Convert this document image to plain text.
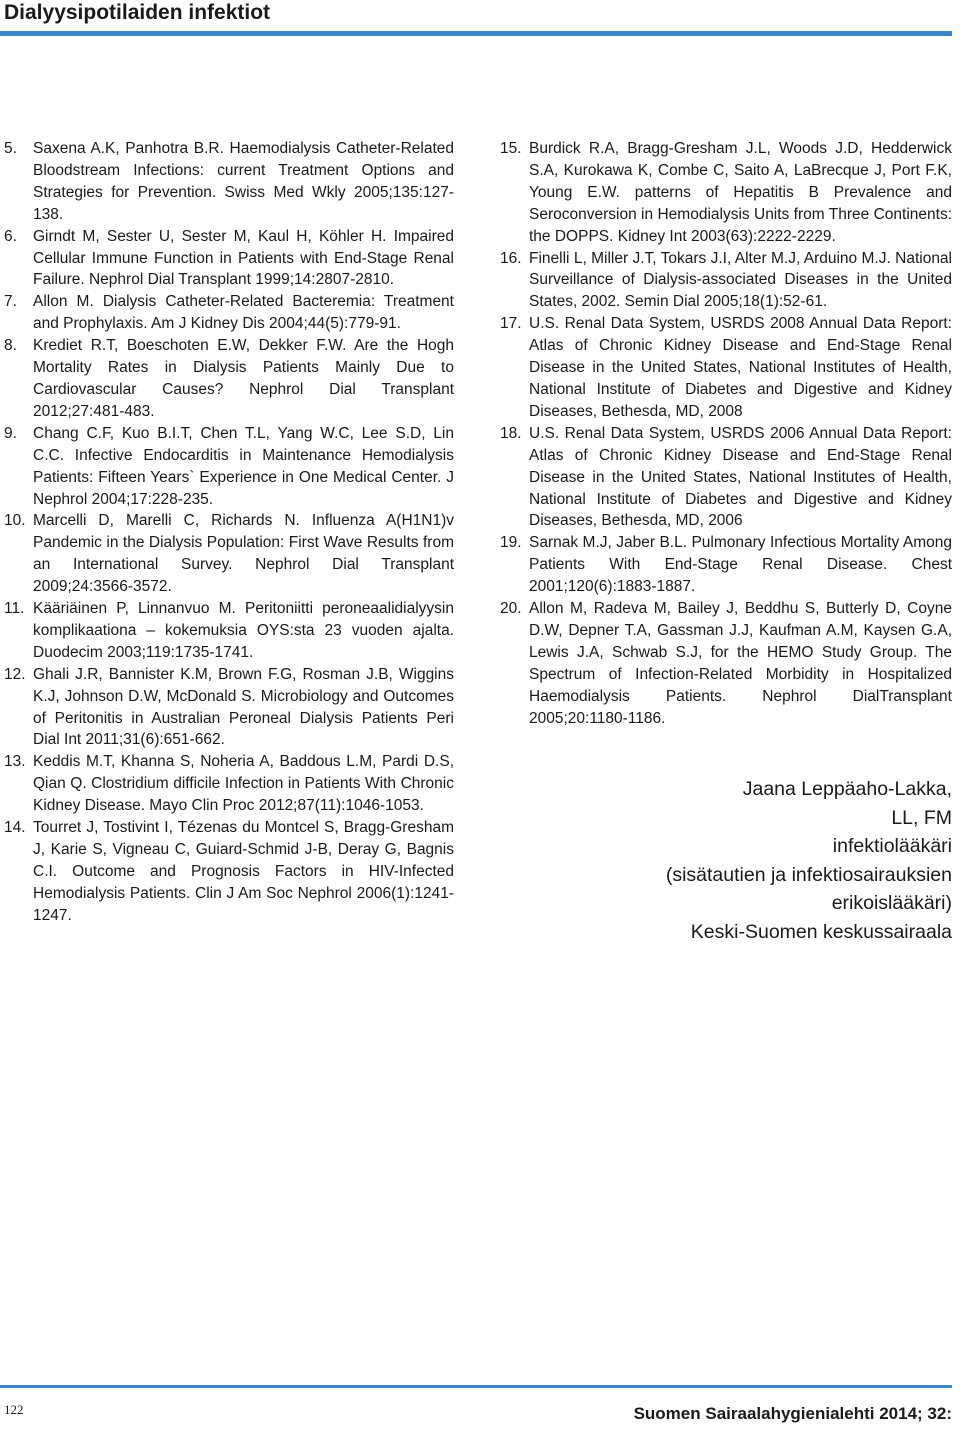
Dialyysipotilaiden infektiot
5.	Saxena A.K, Panhotra B.R. Haemodialysis Catheter-Related Bloodstream Infections: current Treatment Options and Strategies for Prevention. Swiss Med Wkly 2005;135:127-138.
6.	Girndt M, Sester U, Sester M, Kaul H, Köhler H. Impaired Cellular Immune Function in Patients with End-Stage Renal Failure. Nephrol Dial Transplant 1999;14:2807-2810.
7.	Allon M. Dialysis Catheter-Related Bacteremia: Treatment and Prophylaxis. Am J Kidney Dis 2004;44(5):779-91.
8.	Krediet R.T, Boeschoten E.W, Dekker F.W. Are the Hogh Mortality Rates in Dialysis Patients Mainly Due to Cardiovascular Causes? Nephrol Dial Transplant 2012;27:481-483.
9.	Chang C.F, Kuo B.I.T, Chen T.L, Yang W.C, Lee S.D, Lin C.C. Infective Endocarditis in Maintenance Hemodialysis Patients: Fifteen Years` Experience in One Medical Center. J Nephrol 2004;17:228-235.
10. Marcelli D, Marelli C, Richards N. Influenza A(H1N1)v Pandemic in the Dialysis Population: First Wave Results from an International Survey. Nephrol Dial Transplant 2009;24:3566-3572.
11. Kääriäinen P, Linnanvuo M. Peritoniitti peroneaalidialyysin komplikaationa – kokemuksia OYS:sta 23 vuoden ajalta. Duodecim 2003;119:1735-1741.
12. Ghali J.R, Bannister K.M, Brown F.G, Rosman J.B, Wiggins K.J, Johnson D.W, McDonald S. Microbiology and Outcomes of Peritonitis in Australian Peroneal Dialysis Patients Peri Dial Int 2011;31(6):651-662.
13. Keddis M.T, Khanna S, Noheria A, Baddous L.M, Pardi D.S, Qian Q. Clostridium difficile Infection in Patients With Chronic Kidney Disease. Mayo Clin Proc 2012;87(11):1046-1053.
14. Tourret J, Tostivint I, Tézenas du Montcel S, Bragg-Gresham J, Karie S, Vigneau C, Guiard-Schmid J-B, Deray G, Bagnis C.I. Outcome and Prognosis Factors in HIV-Infected Hemodialysis Patients. Clin J Am Soc Nephrol 2006(1):1241-1247.
15. Burdick R.A, Bragg-Gresham J.L, Woods J.D, Hedderwick S.A, Kurokawa K, Combe C, Saito A, LaBrecque J, Port F.K, Young E.W. patterns of Hepatitis B Prevalence and Seroconversion in Hemodialysis Units from Three Continents: the DOPPS. Kidney Int 2003(63):2222-2229.
16. Finelli L, Miller J.T, Tokars J.I, Alter M.J, Arduino M.J. National Surveillance of Dialysis-associated Diseases in the United States, 2002. Semin Dial 2005;18(1):52-61.
17. U.S. Renal Data System, USRDS 2008 Annual Data Report: Atlas of Chronic Kidney Disease and End-Stage Renal Disease in the United States, National Institutes of Health, National Institute of Diabetes and Digestive and Kidney Diseases, Bethesda, MD, 2008
18. U.S. Renal Data System, USRDS 2006 Annual Data Report: Atlas of Chronic Kidney Disease and End-Stage Renal Disease in the United States, National Institutes of Health, National Institute of Diabetes and Digestive and Kidney Diseases, Bethesda, MD, 2006
19. Sarnak M.J, Jaber B.L. Pulmonary Infectious Mortality Among Patients With End-Stage Renal Disease. Chest 2001;120(6):1883-1887.
20. Allon M, Radeva M, Bailey J, Beddhu S, Butterly D, Coyne D.W, Depner T.A, Gassman J.J, Kaufman A.M, Kaysen G.A, Lewis J.A, Schwab S.J, for the HEMO Study Group. The Spectrum of Infection-Related Morbidity in Hospitalized Haemodialysis Patients. Nephrol DialTransplant 2005;20:1180-1186.
Jaana Leppäaho-Lakka,
LL, FM
infektiolääkäri
(sisätautien ja infektiosairauksien
erikoislääkäri)
Keski-Suomen keskussairaala
122	Suomen Sairaalahygienialehti 2014; 32:
